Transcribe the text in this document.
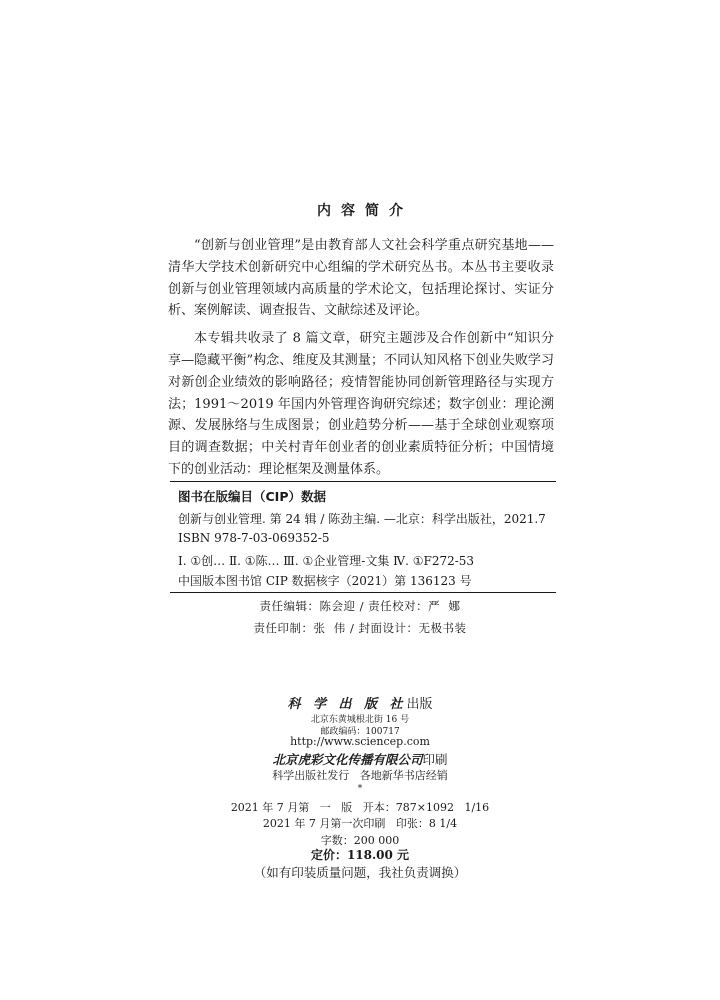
内容简介

“创新与创业管理”是由教育部人文社会科学重点研究基地——清华大学技术创新研究中心组编的学术研究丛书。本丛书主要收录创新与创业管理领域内高质量的学术论文，包括理论探讨、实证分析、案例解读、调查报告、文献综述及评论。

本专辑共收录了 8 篇文章，研究主题涉及合作创新中“知识分享—隐藏平衡”构念、维度及其测量；不同认知风格下创业失败学习对新创企业绩效的影响路径；疫情智能协同创新管理路径与实现方法；1991～2019 年国内外管理咨询研究综述；数字创业：理论溯源、发展脉络与生成图景；创业趋势分析——基于全球创业观察项目的调查数据；中关村青年创业者的创业素质特征分析；中国情境下的创业活动：理论框架及测量体系。

图书在版编目（CIP）数据
创新与创业管理. 第 24 辑 / 陈劲主编. —北京：科学出版社，2021.7
ISBN 978-7-03-069352-5
Ⅰ. ①创… Ⅱ. ①陈… Ⅲ. ①企业管理-文集 Ⅳ. ①F272-53
中国版本图书馆 CIP 数据核字（2021）第 136123 号
责任编辑：陈会迎 / 责任校对：严  娜
责任印制：张  伟 / 封面设计：无极书装
科 学 出 版 社出版
北京东黄城根北街 16 号
邮政编码：100717
http://www.sciencep.com
北京虎彩文化传播有限公司印刷
科学出版社发行   各地新华书店经销
*
2021 年 7 月第   一   版   开本：787×1092   1/16
2021 年 7 月第一次印刷   印张：8 1/4
字数：200 000
定价：118.00 元
（如有印装质量问题，我社负责调换）
